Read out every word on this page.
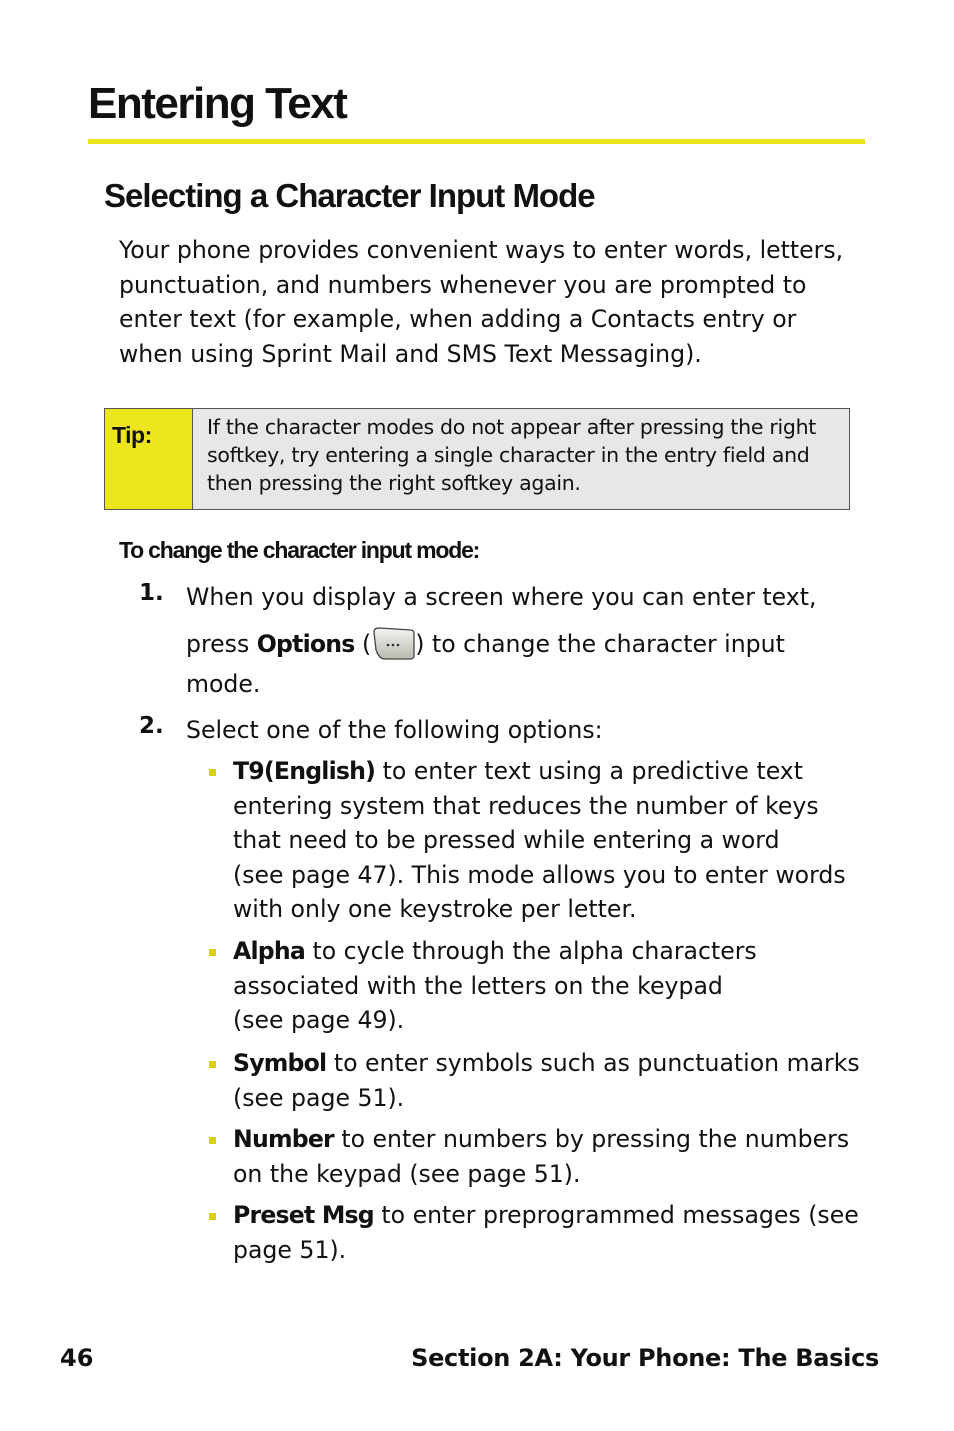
Entering Text
Selecting a Character Input Mode

Your phone provides convenient ways to enter words, letters,
punctuation, and numbers whenever you are prompted to
enter text (for example, when adding a Contacts entry or
when using Sprint Mail and SMS Text Messaging).

Tip:	If the character modes do not appear after pressing the right
softkey, try entering a single character in the entry field and
then pressing the right softkey again.
To change the character input mode:
1. When you display a screen where you can enter text,
press Options ( ) to change the character input
mode.
2. Select one of the following options:
T9(English) to enter text using a predictive text
entering system that reduces the number of keys
that need to be pressed while entering a word
(see page 47). This mode allows you to enter words
with only one keystroke per letter.
Alpha to cycle through the alpha characters
associated with the letters on the keypad
(see page 49).
Symbol to enter symbols such as punctuation marks
(see page 51).
Number to enter numbers by pressing the numbers
on the keypad (see page 51).
Preset Msg to enter preprogrammed messages (see
page 51).
46	Section 2A: Your Phone: The Basics
